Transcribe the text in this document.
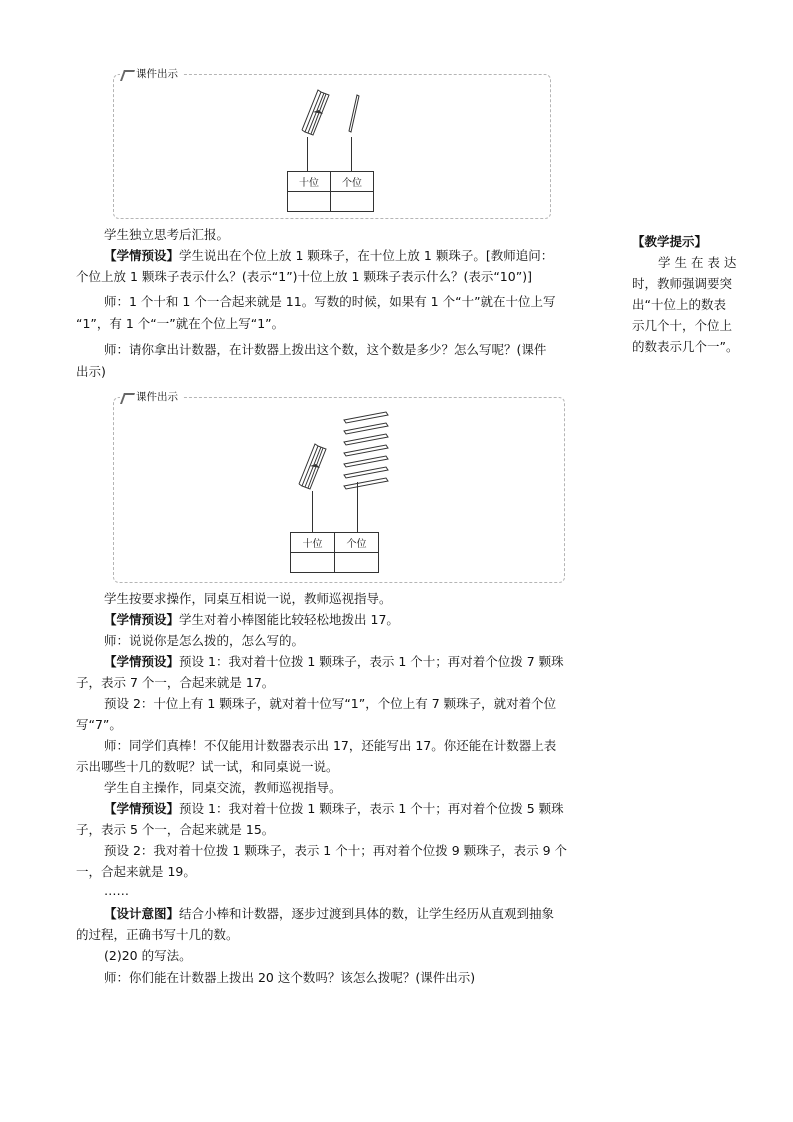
课件出示
十位	个位

【教学提示】
学 生 在 表 达
时，教师强调要突
出“十位上的数表
示几个十，个位上
的数表示几个一”。
学生独立思考后汇报。
【学情预设】学生说出在个位上放 1 颗珠子，在十位上放 1 颗珠子。[教师追问：
个位上放 1 颗珠子表示什么？(表示“1”)十位上放 1 颗珠子表示什么？(表示“10”)]
师：1 个十和 1 个一合起来就是 11。写数的时候，如果有 1 个“十”就在十位上写
“1”，有 1 个“一”就在个位上写“1”。
师：请你拿出计数器，在计数器上拨出这个数，这个数是多少？怎么写呢？(课件
出示)
课件出示
十位	个位

学生按要求操作，同桌互相说一说，教师巡视指导。
【学情预设】学生对着小棒图能比较轻松地拨出 17。
师：说说你是怎么拨的，怎么写的。
【学情预设】预设 1：我对着十位拨 1 颗珠子，表示 1 个十；再对着个位拨 7 颗珠
子，表示 7 个一，合起来就是 17。
预设 2：十位上有 1 颗珠子，就对着十位写“1”，个位上有 7 颗珠子，就对着个位
写“7”。
师：同学们真棒！不仅能用计数器表示出 17，还能写出 17。你还能在计数器上表
示出哪些十几的数呢？试一试，和同桌说一说。
学生自主操作，同桌交流，教师巡视指导。
【学情预设】预设 1：我对着十位拨 1 颗珠子，表示 1 个十；再对着个位拨 5 颗珠
子，表示 5 个一，合起来就是 15。
预设 2：我对着十位拨 1 颗珠子，表示 1 个十；再对着个位拨 9 颗珠子，表示 9 个
一，合起来就是 19。
……
【设计意图】结合小棒和计数器，逐步过渡到具体的数，让学生经历从直观到抽象
的过程，正确书写十几的数。
(2)20 的写法。
师：你们能在计数器上拨出 20 这个数吗？该怎么拨呢？(课件出示)
